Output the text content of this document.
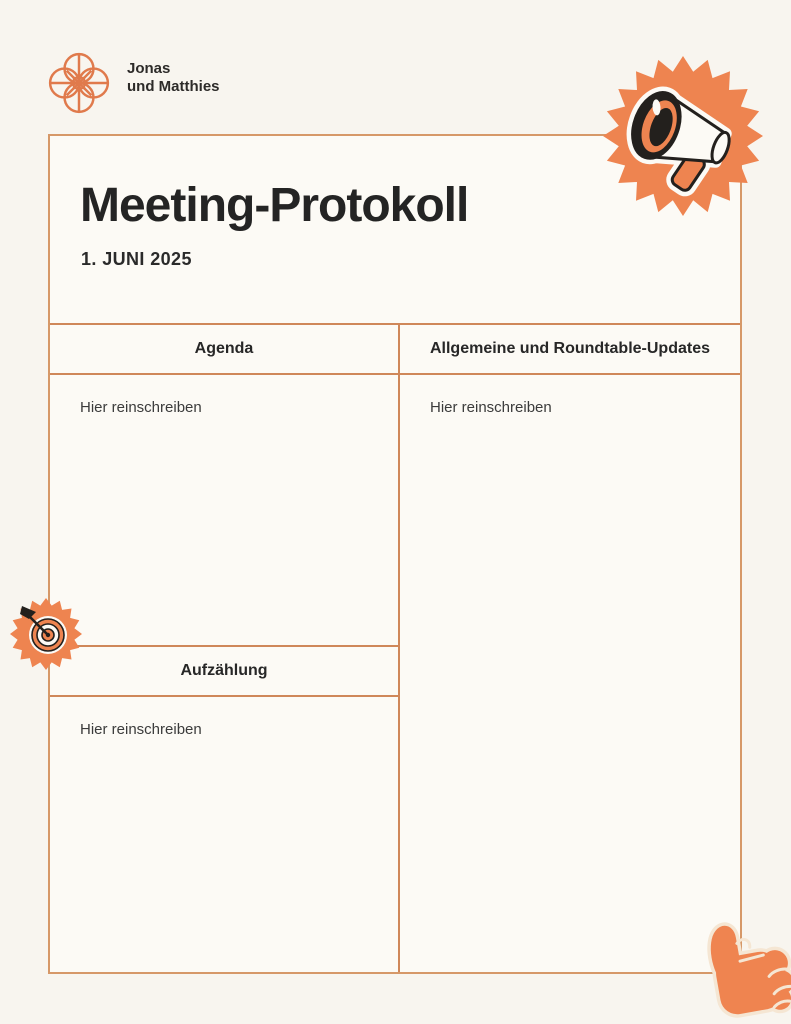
Jonas
und Matthies
Meeting-Protokoll
1. JUNI 2025
Agenda
Hier reinschreiben
Aufzählung
Hier reinschreiben
Allgemeine und Roundtable-Updates
Hier reinschreiben
